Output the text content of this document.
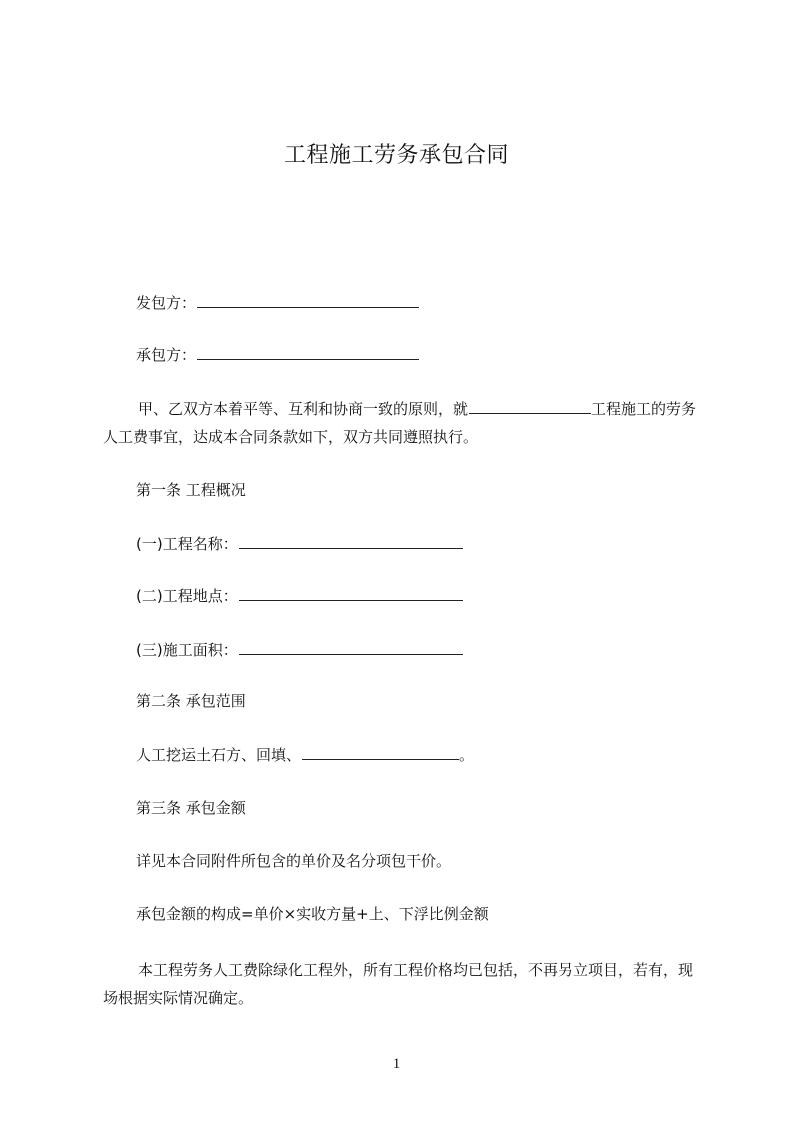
工程施工劳务承包合同
发包方：
承包方：
甲、乙双方本着平等、互利和协商一致的原则，就	工程施工的劳务人工费事宜，达成本合同条款如下，双方共同遵照执行。
第一条 工程概况
(一)工程名称：
(二)工程地点：
(三)施工面积：
第二条 承包范围
人工挖运土石方、回填、	。
第三条 承包金额
详见本合同附件所包含的单价及名分项包干价。
承包金额的构成=单价×实收方量+上、下浮比例金额
本工程劳务人工费除绿化工程外，所有工程价格均已包括，不再另立项目，若有，现场根据实际情况确定。
1
